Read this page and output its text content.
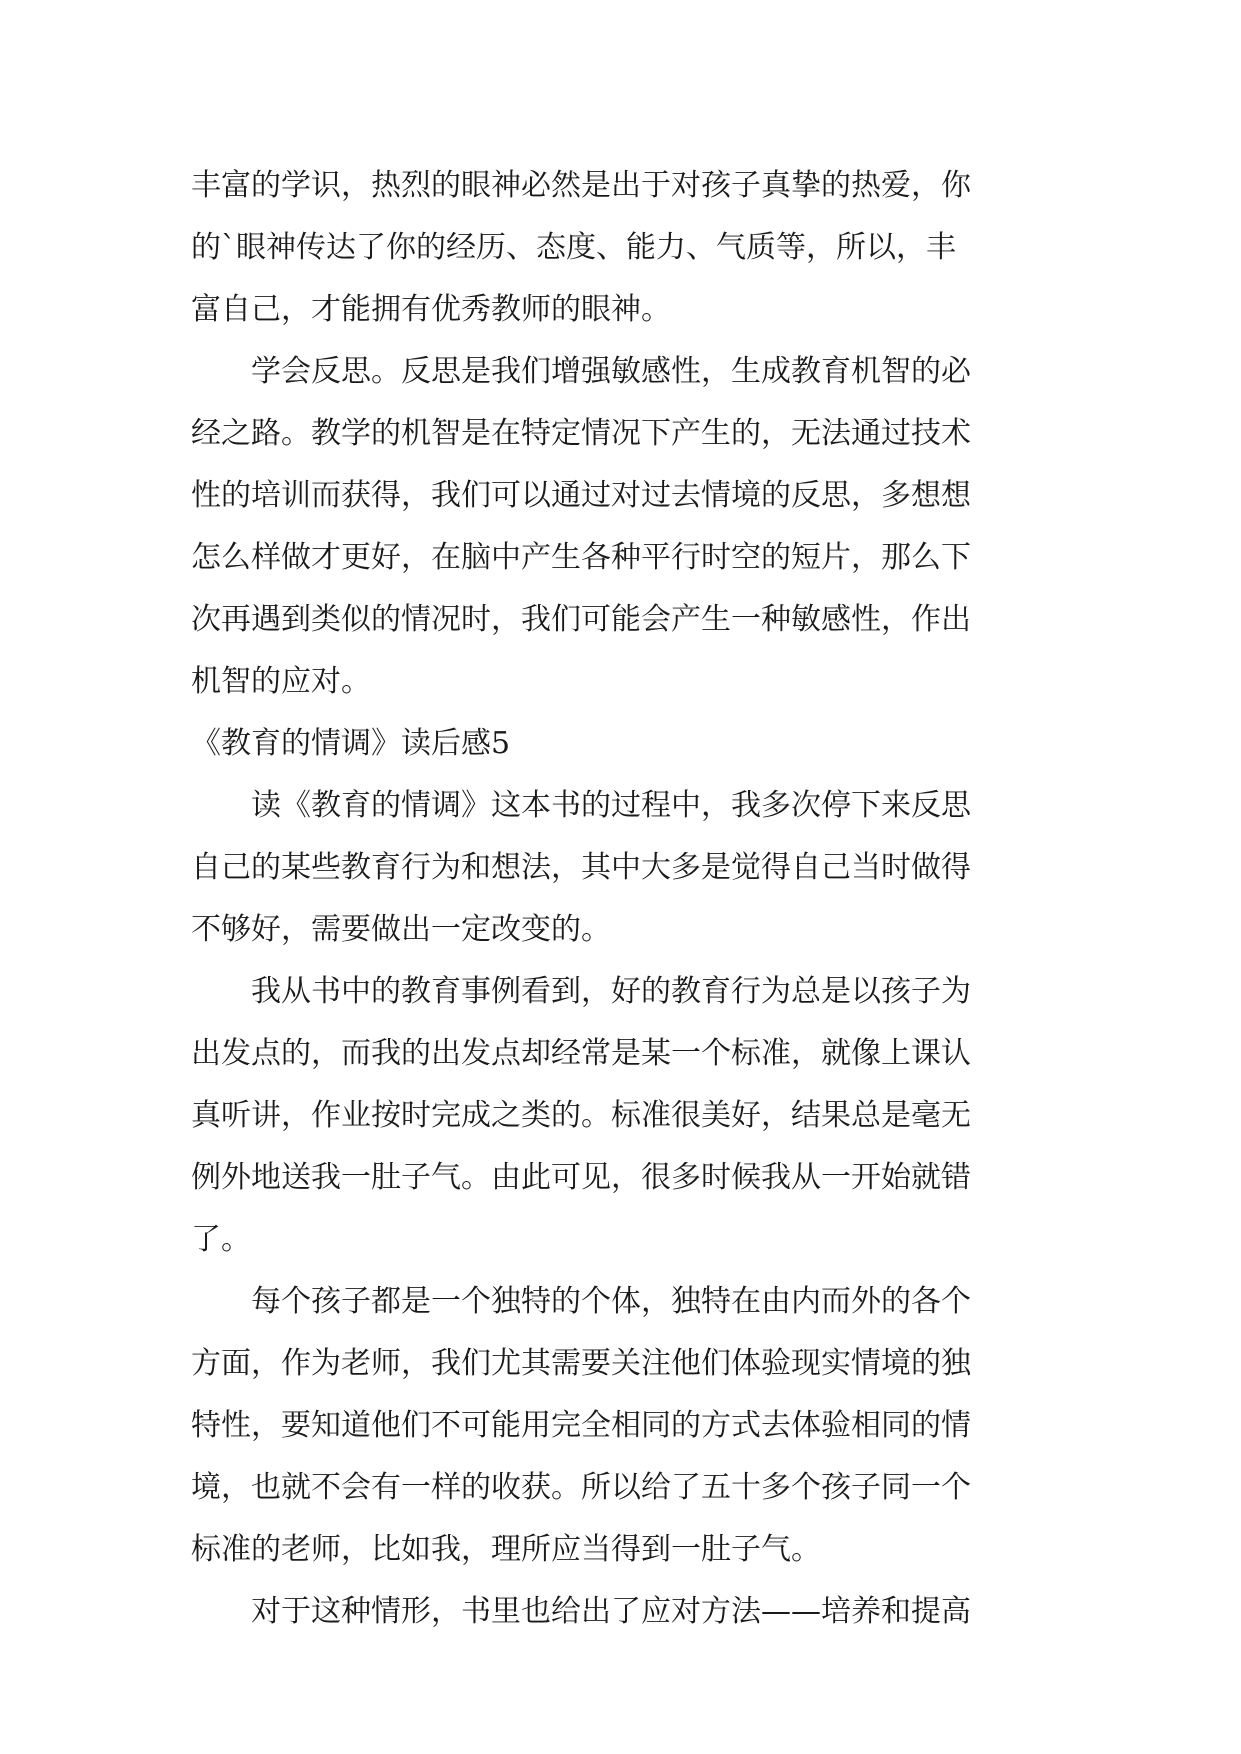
丰富的学识，热烈的眼神必然是出于对孩子真挚的热爱，你
的`眼神传达了你的经历、态度、能力、气质等，所以，丰
富自己，才能拥有优秀教师的眼神。
　　学会反思。反思是我们增强敏感性，生成教育机智的必
经之路。教学的机智是在特定情况下产生的，无法通过技术
性的培训而获得，我们可以通过对过去情境的反思，多想想
怎么样做才更好，在脑中产生各种平行时空的短片，那么下
次再遇到类似的情况时，我们可能会产生一种敏感性，作出
机智的应对。
《教育的情调》读后感5
　　读《教育的情调》这本书的过程中，我多次停下来反思
自己的某些教育行为和想法，其中大多是觉得自己当时做得
不够好，需要做出一定改变的。
　　我从书中的教育事例看到，好的教育行为总是以孩子为
出发点的，而我的出发点却经常是某一个标准，就像上课认
真听讲，作业按时完成之类的。标准很美好，结果总是毫无
例外地送我一肚子气。由此可见，很多时候我从一开始就错
了。
　　每个孩子都是一个独特的个体，独特在由内而外的各个
方面，作为老师，我们尤其需要关注他们体验现实情境的独
特性，要知道他们不可能用完全相同的方式去体验相同的情
境，也就不会有一样的收获。所以给了五十多个孩子同一个
标准的老师，比如我，理所应当得到一肚子气。
　　对于这种情形，书里也给出了应对方法——培养和提高
